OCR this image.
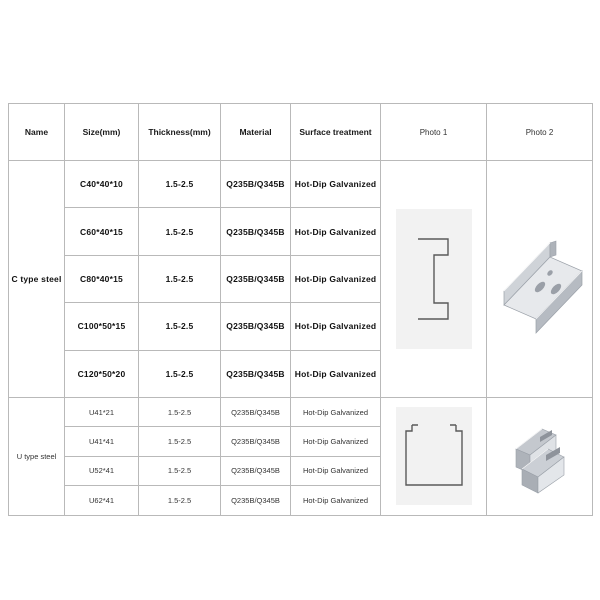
Name	Size(mm)	Thickness(mm)	Material	Surface treatment	Photo 1	Photo 2
C type steel	C40*40*10	1.5-2.5	Q235B/Q345B	Hot-Dip Galvanized	

	C60*40*15	1.5-2.5	Q235B/Q345B	Hot-Dip Galvanized		
	C80*40*15	1.5-2.5	Q235B/Q345B	Hot-Dip Galvanized		
	C100*50*15	1.5-2.5	Q235B/Q345B	Hot-Dip Galvanized		
	C120*50*20	1.5-2.5	Q235B/Q345B	Hot-Dip Galvanized		
U type steel	U41*21	1.5-2.5	Q235B/Q345B	Hot-Dip Galvanized	

	U41*41	1.5-2.5	Q235B/Q345B	Hot-Dip Galvanized		
	U52*41	1.5-2.5	Q235B/Q345B	Hot-Dip Galvanized		
	U62*41	1.5-2.5	Q235B/Q345B	Hot-Dip Galvanized		
